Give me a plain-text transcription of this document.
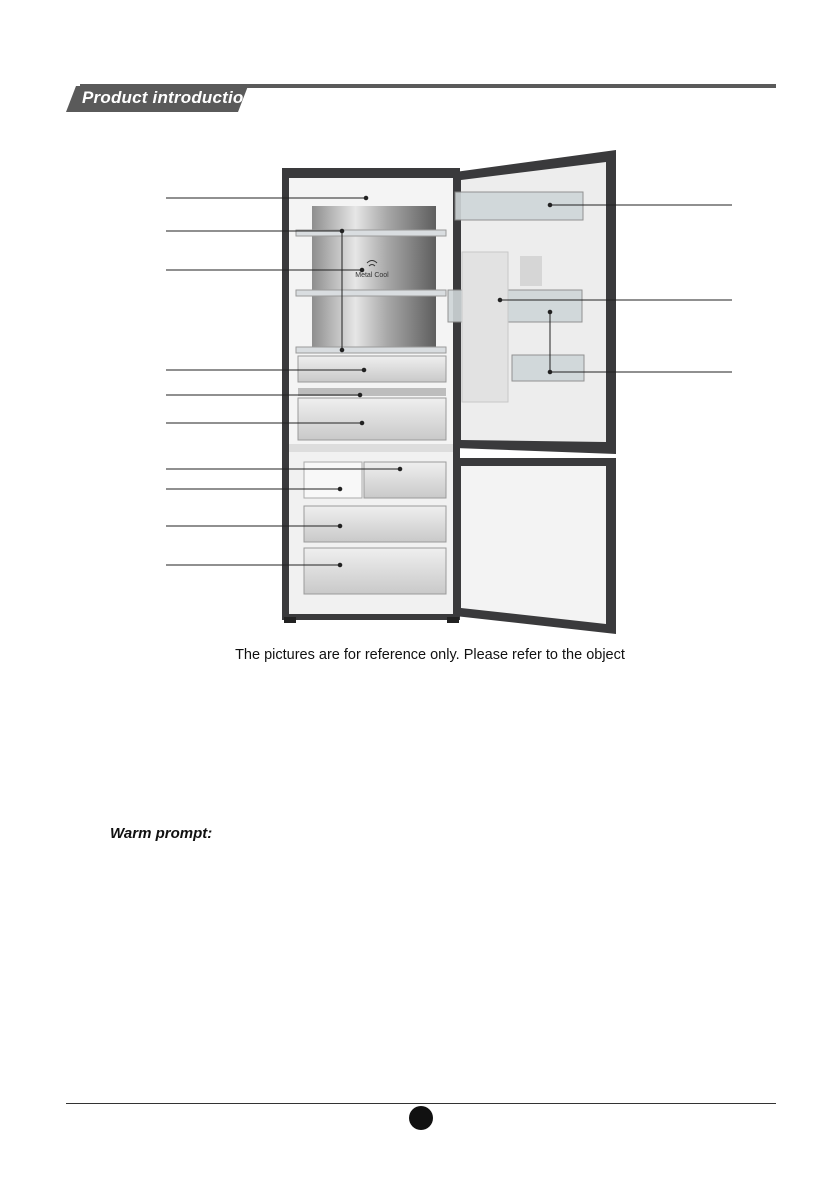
Product introduction
Metal Cool
The pictures are for reference only. Please refer to the object
Warm prompt:
